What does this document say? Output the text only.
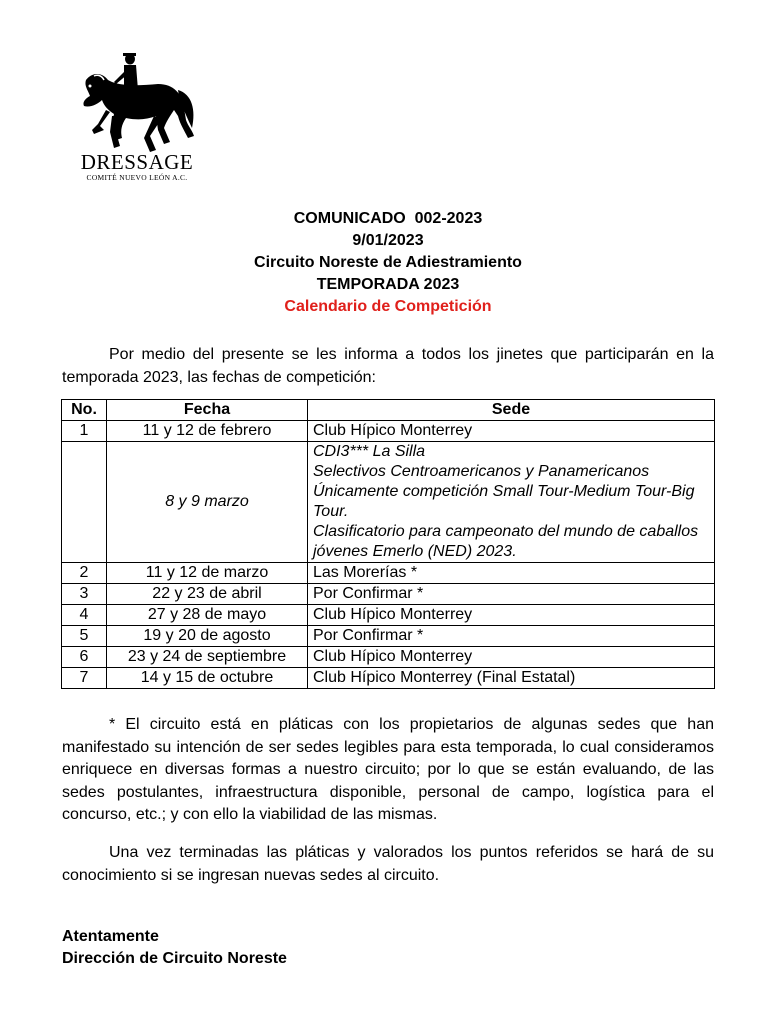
DRESSAGE
COMITÉ NUEVO LEÓN A.C.
COMUNICADO  002-2023
9/01/2023
Circuito Noreste de Adiestramiento
TEMPORADA 2023
Calendario de Competición
Por medio del presente se les informa a todos los jinetes que participarán en la temporada 2023, las fechas de competición:
No.	Fecha	Sede
1	11 y 12 de febrero	Club Hípico Monterrey
	8 y 9 marzo	CDI3*** La Silla
Selectivos Centroamericanos y Panamericanos
Únicamente competición Small Tour-Medium Tour-Big Tour.
Clasificatorio para campeonato del mundo de caballos jóvenes Emerlo (NED) 2023.

2	11 y 12 de marzo	Las Morerías *
3	22 y 23 de abril	Por Confirmar *
4	27 y 28 de mayo	Club Hípico Monterrey
5	19 y 20 de agosto	Por Confirmar *
6	23 y 24 de septiembre	Club Hípico Monterrey
7	14 y 15 de octubre	Club Hípico Monterrey (Final Estatal)
* El circuito está en pláticas con los propietarios de algunas sedes que han manifestado su intención de ser sedes legibles para esta temporada, lo cual consideramos enriquece en diversas formas a nuestro circuito; por lo que se están evaluando, de las sedes postulantes, infraestructura disponible, personal de campo, logística para el concurso, etc.; y con ello la viabilidad de las mismas.
Una vez terminadas las pláticas y valorados los puntos referidos se hará de su conocimiento si se ingresan nuevas sedes al circuito.
Atentamente
Dirección de Circuito Noreste
